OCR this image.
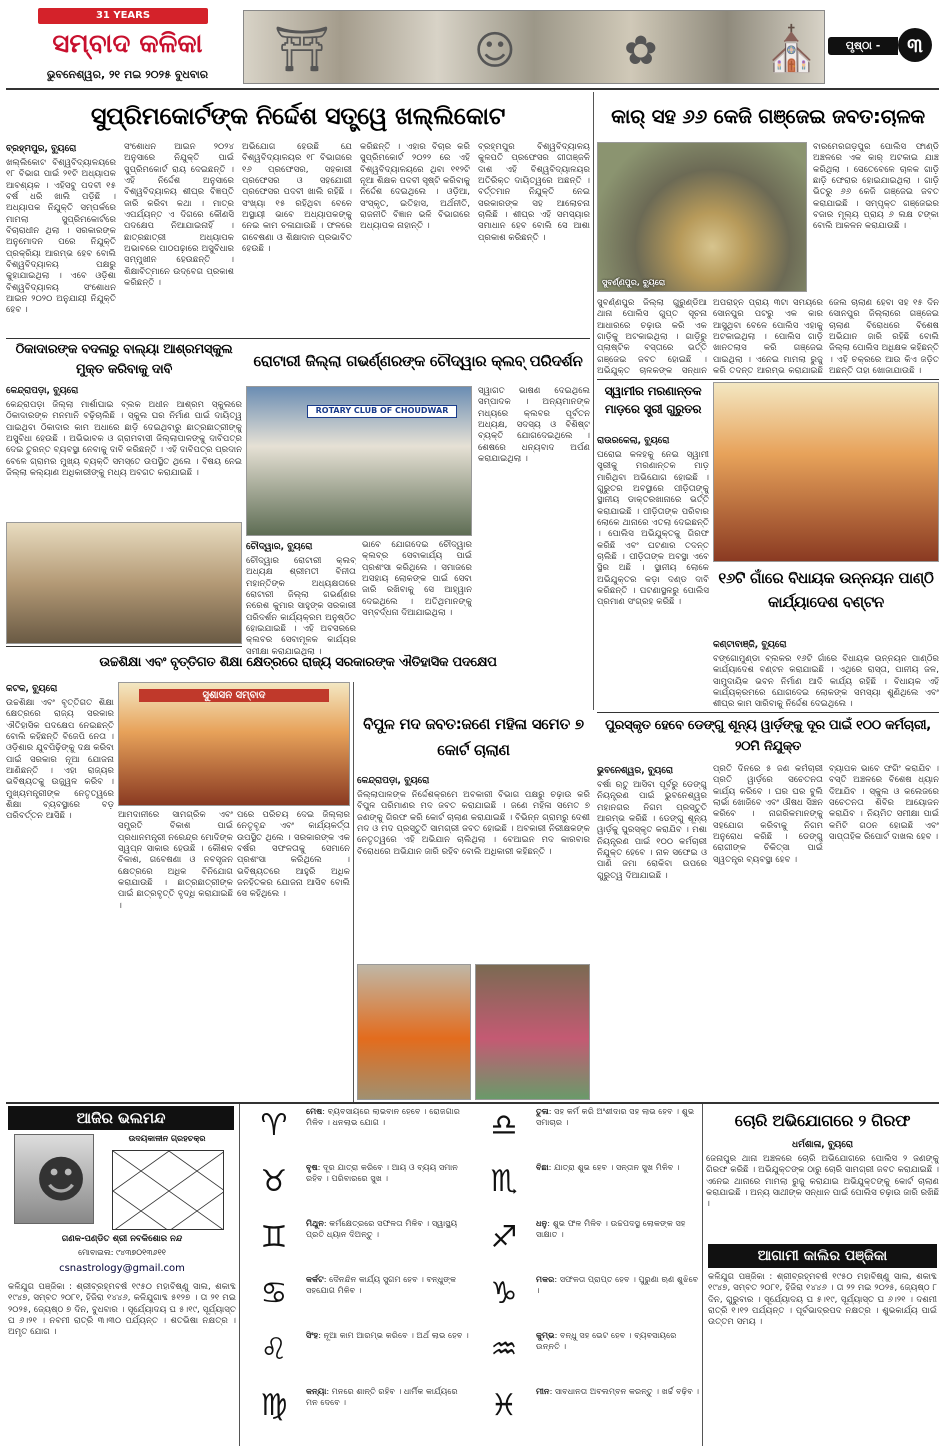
31 YEARS
ସମ୍ବାଦ କଳିକା
ଭୁବନେଶ୍ୱର, ୨୧ ମଇ ୨୦୨୫ ବୁଧବାର	⛩	☺	✿ ⛪	ପୃଷ୍ଠା -	୩
ସୁପ୍ରିମକୋର୍ଟଙ୍କ ନିର୍ଦ୍ଦେଶ ସତ୍ତ୍ୱେ ଖଲ୍ଲିକୋଟ
ବ୍ରହ୍ମପୁର, ବ୍ୟୁରୋ
ଖଲ୍ଲିକୋଟ ବିଶ୍ୱବିଦ୍ୟାଳୟରେ ୧୮ ବିଭାଗ ପାଇଁ ୨୧ଟି ଅଧ୍ୟାପକ ଆବଶ୍ୟକ । ଏହିସବୁ ପଦବୀ ୧୫ ବର୍ଷ ଧରି ଖାଲି ପଡ଼ିଛି । ଅଧ୍ୟାପକ ନିଯୁକ୍ତି ସମ୍ପର୍କରେ ମାମଲା ସୁପ୍ରିମକୋର୍ଟରେ ବିଚାରାଧୀନ ଥିଲା । ସରକାରଙ୍କ ଅନୁମୋଦନ ପରେ ନିଯୁକ୍ତି ପ୍ରକ୍ରିୟା ଆରମ୍ଭ ହେବ ବୋଲି ବିଶ୍ୱବିଦ୍ୟାଳୟ ପକ୍ଷରୁ କୁହାଯାଇଥିଲା । ଏବେ ଓଡ଼ିଶା ବିଶ୍ୱବିଦ୍ୟାଳୟ ସଂଶୋଧନ ଆଇନ ୨୦୨୦ ଅନୁଯାୟୀ ନିଯୁକ୍ତି ହେବ ।
ସଂଶୋଧନ ଆଇନ ୨୦୨୪ ଅନୁସାରେ ନିଯୁକ୍ତି ପାଇଁ ସୁପ୍ରିମକୋର୍ଟ ରାୟ ଦେଇଛନ୍ତି । ଏହି ନିର୍ଦ୍ଦେଶ ଅନୁସାରେ ବିଶ୍ୱବିଦ୍ୟାଳୟ ଶୀଘ୍ର ବିଜ୍ଞପ୍ତି ଜାରି କରିବା କଥା । ମାତ୍ର ଏପର୍ଯ୍ୟନ୍ତ ଏ ଦିଗରେ କୌଣସି ପଦକ୍ଷେପ ନିଆଯାଇନାହିଁ । ଛାତ୍ରଛାତ୍ରୀ ଅଧ୍ୟାପକ ଅଭାବରେ ପାଠପଢ଼ାରେ ଅସୁବିଧାର ସମ୍ମୁଖୀନ ହେଉଛନ୍ତି । ଶିକ୍ଷାବିତ୍‌ମାନେ ଉଦ୍‌ବେଗ ପ୍ରକାଶ କରିଛନ୍ତି ।
ଅଭିଯୋଗ ହେଉଛି ଯେ ବିଶ୍ୱବିଦ୍ୟାଳୟର ୧୮ ବିଭାଗରେ ୧୬ ପ୍ରଫେସର, ସହକାରୀ ପ୍ରଫେସର ଓ ସହଯୋଗୀ ପ୍ରଫେସର ପଦବୀ ଖାଲି ରହିଛି । ସଂଖ୍ୟା ୧୫ ରହିଥିବା ବେଳେ ଅସ୍ଥାୟୀ ଭାବେ ଅଧ୍ୟାପକଙ୍କୁ ନେଇ କାମ ଚଳାଯାଉଛି । ଫଳରେ ଗବେଷଣା ଓ ଶିକ୍ଷାଦାନ ପ୍ରଭାବିତ ହେଉଛି ।
କରିଛନ୍ତି । ଏହାର ବିଚାର କରି ସୁପ୍ରିମକୋର୍ଟ ୨୦୨୨ ରେ ଏହି ବିଶ୍ୱବିଦ୍ୟାଳୟରେ ଥିବା ୧୧୨ଟି ନୂଆ ଶିକ୍ଷକ ପଦବୀ ସୃଷ୍ଟି କରିବାକୁ ନିର୍ଦ୍ଦେଶ ଦେଇଥିଲେ । ଓଡ଼ିଆ, ସଂସ୍କୃତ, ଇତିହାସ, ଅର୍ଥନୀତି, ରାଜନୀତି ବିଜ୍ଞାନ ଭଳି ବିଭାଗରେ ଅଧ୍ୟାପକ ନାହାନ୍ତି ।
ବ୍ରହ୍ମପୁର ବିଶ୍ୱବିଦ୍ୟାଳୟ କୁଳପତି ପ୍ରଫେସର ଗୀତାଞ୍ଜଳି ଦାଶ ଏହି ବିଶ୍ୱବିଦ୍ୟାଳୟର ଅତିରିକ୍ତ ଦାୟିତ୍ୱରେ ଅଛନ୍ତି । ବର୍ତ୍ତମାନ ନିଯୁକ୍ତି ନେଇ ସରକାରଙ୍କ ସହ ଆଲୋଚନା ଚାଲିଛି । ଶୀଘ୍ର ଏହି ସମସ୍ୟାର ସମାଧାନ ହେବ ବୋଲି ସେ ଆଶା ପ୍ରକାଶ କରିଛନ୍ତି ।
କାର୍ ସହ ୬୬ କେଜି ଗଞ୍ଜେଇ ଜବତ:ଚାଳକ
ସୁବର୍ଣ୍ଣପୁର, ବ୍ୟୁରୋ
ବାରମେରଗଡ଼ପୁର ପୋଲିସ ଫାଣ୍ଡି ଅଞ୍ଚଳରେ ଏକ କାର୍ ଅଟକାଇ ଯାଞ୍ଚ କରିଥିଲା । ସେତେବେଳେ ଚାଳକ ଗାଡ଼ି ଛାଡ଼ି ଫେରାର ହୋଇଯାଇଥିଲା । ଗାଡ଼ି ଭିତରୁ ୬୬ କେଜି ଗଞ୍ଜେଇ ଜବତ କରାଯାଇଛି । ସମ୍ପୃକ୍ତ ଗଞ୍ଜେଇର ବଜାର ମୂଲ୍ୟ ପ୍ରାୟ ୬ ଲକ୍ଷ ଟଙ୍କା ବୋଲି ଆକଳନ କରାଯାଉଛି ।
ସୁବର୍ଣ୍ଣପୁର ଜିଲ୍ଲା ଗୁରୁଣ୍ଡିଆ ଥାନା ପୋଲିସ ଗୁପ୍ତ ସୂଚନା ଆଧାରରେ ଚଢ଼ାଉ କରି ଏକ ଗାଡ଼ିକୁ ଅଟକାଇଥିଲା । ଗାଡ଼ିରୁ ପ୍ଲାଷ୍ଟିକ ବସ୍ତାରେ ଭର୍ତ୍ତି ଗଞ୍ଜେଇ ଜବତ ହୋଇଛି । ଅଭିଯୁକ୍ତ ଚାଳକଙ୍କ ସନ୍ଧାନ
ଅପରାହ୍ନ ପ୍ରାୟ ୩ଟା ସମୟରେ ସୋନପୁର ପଟରୁ ଏକ କାର ଆସୁଥିବା ବେଳେ ପୋଲିସ ଏହାକୁ ଅଟକାଇଥିଲା । ପୋଲିସ ଗାଡ଼ି ଖାନତଲାସ କରି ଗଞ୍ଜେଇ ପାଇଥିଲା । ଏନେଇ ମାମଲା ରୁଜୁ କରି ତଦନ୍ତ ଆରମ୍ଭ କରାଯାଇଛି
ଜେଲ ଚାଲାଣ ହେବା ସହ ୧୫ ଦିନ ସୋନପୁର ଜିଲ୍ଲାରେ ଗଞ୍ଜେଇ ଚାଲାଣ ବିରୋଧରେ ବିଶେଷ ଅଭିଯାନ ଜାରି ରହିଛି ବୋଲି ଜିଲ୍ଲା ପୋଲିସ ଅଧିକ୍ଷକ କହିଛନ୍ତି । ଏହି ଚକ୍ରରେ ଆଉ କିଏ ଜଡ଼ିତ ଅଛନ୍ତି ତାହା ଖୋଜାଯାଉଛି ।
ଠିକାଦାରଙ୍କ ବଦଳାରୁ ବାଲ୍ୟା ଆଶ୍ରମସ୍କୁଲ ମୁକ୍ତ କରିବାକୁ ଦାବି
କେନ୍ଦ୍ରାପଡ଼ା, ବ୍ୟୁରୋ
କେନ୍ଦ୍ରାପଡ଼ା ଜିଲ୍ଲା ମାର୍ଶାଘାଇ ବ୍ଲକ ଅଧୀନ ଆଶ୍ରମ ସ୍କୁଲରେ ଠିକାଦାରଙ୍କ ମନମାନି ବଢ଼ିଚାଲିଛି । ସ୍କୁଲ ଘର ନିର୍ମାଣ ପାଇଁ ଦାୟିତ୍ୱ ପାଇଥିବା ଠିକାଦାର କାମ ଅଧାରେ ଛାଡ଼ି ଦେଇଥିବାରୁ ଛାତ୍ରଛାତ୍ରୀଙ୍କୁ ଅସୁବିଧା ହେଉଛି । ଅଭିଭାବକ ଓ ଗ୍ରାମବାସୀ ଜିଲ୍ଲାପାଳଙ୍କୁ ଦାବିପତ୍ର ଦେଇ ତୁରନ୍ତ ବ୍ୟବସ୍ଥା ନେବାକୁ ଦାବି କରିଛନ୍ତି । ଏହି ଦାବିପତ୍ର ପ୍ରଦାନ ବେଳେ ଗ୍ରାମର ମୁଖ୍ୟ ବ୍ୟକ୍ତି ସମସ୍ତେ ଉପସ୍ଥିତ ଥିଲେ । ବିଷୟ ନେଇ ଜିଲ୍ଲା କଲ୍ୟାଣ ଅଧିକାରୀଙ୍କୁ ମଧ୍ୟ ଅବଗତ କରାଯାଇଛି ।
ରୋଟାରୀ ଜିଲ୍ଲା ଗଭର୍ଣ୍ଣରଙ୍କ ଚୌଦ୍ୱାର କ୍ଲବ୍ ପରିଦର୍ଶନ
ROTARY CLUB OF CHOUDWAR
ଚୌଦ୍ୱାର, ବ୍ୟୁରୋ
ଚୌଦ୍ୱାର ରୋଟାରୀ କ୍ଲବ୍ ଅଧ୍ୟକ୍ଷ ଶ୍ରୀମତୀ ବିନୀତା ମହାନ୍ତିଙ୍କ ଅଧ୍ୟକ୍ଷତାରେ ରୋଟାରୀ ଜିଲ୍ଲା ଗଭର୍ଣ୍ଣର ନରେଶ କୁମାର ସାହୁଙ୍କ ସରକାରୀ ପରିଦର୍ଶନ କାର୍ଯ୍ୟକ୍ରମ ଅନୁଷ୍ଠିତ ହୋଇଯାଇଛି । ଏହି ଅବସରରେ କ୍ଲବର ସେବାମୂଳକ କାର୍ଯ୍ୟର ସମୀକ୍ଷା କରାଯାଇଥିଲା ।
ଭାବେ ଯୋଗଦେଇ ଚୌଦ୍ୱାର କ୍ଲବ୍‌ର ସେବାକାର୍ଯ୍ୟ ପାଇଁ ପ୍ରଶଂସା କରିଥିଲେ । ସମାଜରେ ଅସହାୟ ଲୋକଙ୍କ ପାଇଁ ସେବା ଜାରି ରଖିବାକୁ ସେ ଆହ୍ୱାନ ଦେଇଥିଲେ । ଅତିଥିମାନଙ୍କୁ ସମ୍ବର୍ଦ୍ଧନା ଦିଆଯାଇଥିଲା ।
ସ୍ୱାଗତ ଭାଷଣ ଦେଇଥିଲେ ସମ୍ପାଦକ । ଅନ୍ୟମାନଙ୍କ ମଧ୍ୟରେ କ୍ଲବର ପୂର୍ବତନ ଅଧ୍ୟକ୍ଷ, ସଦସ୍ୟ ଓ ବିଶିଷ୍ଟ ବ୍ୟକ୍ତି ଯୋଗଦେଇଥିଲେ । ଶେଷରେ ଧନ୍ୟବାଦ ଅର୍ପଣ କରାଯାଇଥିଲା ।
ସ୍ୱାମୀର ମରଣାନ୍ତକ ମାଡ଼ରେ ସ୍ତ୍ରୀ ଗୁରୁତର
ରାଉରକେଲା, ବ୍ୟୁରୋ
ଘରୋଇ କଳହକୁ ନେଇ ସ୍ୱାମୀ ସ୍ତ୍ରୀକୁ ମରଣାନ୍ତକ ମାଡ଼ ମାରିଥିବା ଅଭିଯୋଗ ହୋଇଛି । ଗୁରୁତର ଅବସ୍ଥାରେ ପୀଡ଼ିତାଙ୍କୁ ସ୍ଥାନୀୟ ଡାକ୍ତରଖାନାରେ ଭର୍ତ୍ତି କରାଯାଇଛି । ପୀଡ଼ିତାଙ୍କ ପରିବାର ଲୋକେ ଥାନାରେ ଏତଲା ଦେଇଛନ୍ତି । ପୋଲିସ ଅଭିଯୁକ୍ତକୁ ଗିରଫ କରିଛି ଏବଂ ଘଟଣାର ତଦନ୍ତ ଚାଲିଛି । ପୀଡ଼ିତାଙ୍କ ଅବସ୍ଥା ଏବେ ସ୍ଥିର ଅଛି । ସ୍ଥାନୀୟ ଲୋକେ ଅଭିଯୁକ୍ତର କଡ଼ା ଦଣ୍ଡ ଦାବି କରିଛନ୍ତି । ଘଟଣାସ୍ଥଳରୁ ପୋଲିସ ପ୍ରମାଣ ସଂଗ୍ରହ କରିଛି ।
୧୬ଟି ଗାଁରେ ବିଧାୟକ ଉନ୍ନୟନ ପାଣ୍ଠି କାର୍ଯ୍ୟାଦେଶ ବଣ୍ଟନ
କଣ୍ଟାବାଞ୍ଜି, ବ୍ୟୁରୋ
ବଙ୍ଗୋମୁଣ୍ଡା ବ୍ଲକର ୧୬ଟି ଗାଁରେ ବିଧାୟକ ଉନ୍ନୟନ ପାଣ୍ଠିର କାର୍ଯ୍ୟାଦେଶ ବଣ୍ଟନ କରାଯାଇଛି । ଏଥିରେ ରାସ୍ତା, ପାନୀୟ ଜଳ, ସାମୁଦାୟିକ ଭବନ ନିର୍ମାଣ ଆଦି କାର୍ଯ୍ୟ ରହିଛି । ବିଧାୟକ ଏହି କାର୍ଯ୍ୟକ୍ରମରେ ଯୋଗଦେଇ ଲୋକଙ୍କ ସମସ୍ୟା ଶୁଣିଥିଲେ ଏବଂ ଶୀଘ୍ର କାମ ସାରିବାକୁ ନିର୍ଦ୍ଦେଶ ଦେଇଥିଲେ ।
ଉଚ୍ଚଶିକ୍ଷା ଏବଂ ବୃତ୍ତିଗତ ଶିକ୍ଷା କ୍ଷେତ୍ରରେ ରାଜ୍ୟ ସରକାରଙ୍କ ଐତିହାସିକ ପଦକ୍ଷେପ
ସୁଶାସନ ସମ୍ବାଦ
କଟକ, ବ୍ୟୁରୋ
ଉଚ୍ଚଶିକ୍ଷା ଏବଂ ବୃତ୍ତିଗତ ଶିକ୍ଷା କ୍ଷେତ୍ରରେ ରାଜ୍ୟ ସରକାର ଐତିହାସିକ ପଦକ୍ଷେପ ନେଇଛନ୍ତି ବୋଲି କହିଛନ୍ତି ବିଜେପି ନେତା । ଓଡ଼ିଶାର ଯୁବପିଢ଼ିଙ୍କୁ ଦକ୍ଷ କରିବା ପାଇଁ ସରକାର ନୂଆ ଯୋଜନା ଆଣିଛନ୍ତି । ଏହା ରାଜ୍ୟର ଭବିଷ୍ୟତକୁ ଉଜ୍ଜ୍ୱଳ କରିବ । ମୁଖ୍ୟମନ୍ତ୍ରୀଙ୍କ ନେତୃତ୍ୱରେ ଶିକ୍ଷା ବ୍ୟବସ୍ଥାରେ ବଡ଼ ପରିବର୍ତ୍ତନ ଆସିଛି ।	ଆମଦାନୀରେ ସାମଗ୍ରିକ ଏବଂ ସମ୍ପ୍ରତି ବିକାଶ ପାଇଁ ପ୍ରଧାନମନ୍ତ୍ରୀ ନରେନ୍ଦ୍ର ମୋଦିଙ୍କ ସ୍ୱପ୍ନ ସାକାର ହେଉଛି । କୌଶଳ ବିକାଶ, ଗବେଷଣା ଓ ନବସୃଜନ କ୍ଷେତ୍ରରେ ଅଧିକ ବିନିଯୋଗ କରାଯାଉଛି । ଛାତ୍ରଛାତ୍ରୀଙ୍କ ପାଇଁ ଛାତ୍ରବୃତ୍ତି ବୃଦ୍ଧି କରାଯାଇଛି ।
ପରେ ପରିଚୟ ଦେଇ ଜିଲ୍ଲାର ନେତୃବୃନ୍ଦ ଏବଂ କାର୍ଯ୍ୟକର୍ତ୍ତା ଉପସ୍ଥିତ ଥିଲେ । ସରକାରଙ୍କ ଏକ ବର୍ଷର ସଫଳତାକୁ ସେମାନେ ପ୍ରଶଂସା କରିଥିଲେ । ଭବିଷ୍ୟତରେ ଆହୁରି ଅଧିକ ଜନହିତକର ଯୋଜନା ଆସିବ ବୋଲି ସେ କହିଥିଲେ ।
ବିପୁଳ ମଦ ଜବତ:ଜଣେ ମହିଳା ସମେତ ୭ କୋର୍ଟ ଚାଲାଣ
କେନ୍ଦ୍ରାପଡ଼ା, ବ୍ୟୁରୋ
ଜିଲ୍ଲାପାଳଙ୍କ ନିର୍ଦ୍ଦେଶକ୍ରମେ ଅବକାରୀ ବିଭାଗ ପକ୍ଷରୁ ଚଢ଼ାଉ କରି ବିପୁଳ ପରିମାଣର ମଦ ଜବତ କରାଯାଇଛି । ଜଣେ ମହିଳା ସମେତ ୭ ଜଣଙ୍କୁ ଗିରଫ କରି କୋର୍ଟ ଚାଲାଣ କରାଯାଇଛି । ବିଭିନ୍ନ ଗ୍ରାମରୁ ଦେଶୀ ମଦ ଓ ମଦ ପ୍ରସ୍ତୁତି ସାମଗ୍ରୀ ଜବତ ହୋଇଛି । ଅବକାରୀ ନିରୀକ୍ଷକଙ୍କ ନେତୃତ୍ୱରେ ଏହି ଅଭିଯାନ ଚାଲିଥିଲା । ବେଆଇନ ମଦ କାରବାର ବିରୋଧରେ ଅଭିଯାନ ଜାରି ରହିବ ବୋଲି ଅଧିକାରୀ କହିଛନ୍ତି ।
ପୁରସ୍କୃତ ହେବେ ଡେଙ୍ଗୁ ଶୂନ୍ୟ ୱାର୍ଡ଼ଙ୍କୁ ଦୂର ପାଇଁ ୧୦୦ କର୍ମଚାରୀ, ୨୦ମି ନିଯୁକ୍ତ
ଭୁବନେଶ୍ୱର, ବ୍ୟୁରୋ
ବର୍ଷା ଋତୁ ଆସିବା ପୂର୍ବରୁ ଡେଙ୍ଗୁ ନିୟନ୍ତ୍ରଣ ପାଇଁ ଭୁବନେଶ୍ୱର ମହାନଗର ନିଗମ ପ୍ରସ୍ତୁତି ଆରମ୍ଭ କରିଛି । ଡେଙ୍ଗୁ ଶୂନ୍ୟ ୱାର୍ଡ଼କୁ ପୁରସ୍କୃତ କରାଯିବ । ମଶା ନିୟନ୍ତ୍ରଣ ପାଇଁ ୧୦୦ କର୍ମଚାରୀ ନିଯୁକ୍ତ ହେବେ । ନାଳ ସଫେଇ ଓ ପାଣି ଜମା ରୋକିବା ଉପରେ ଗୁରୁତ୍ୱ ଦିଆଯାଇଛି ।
ପ୍ରତି ଦିନରେ ୫ ଜଣ କର୍ମଚାରୀ ପ୍ରତି ୱାର୍ଡ଼ରେ ସଚେତନତା କାର୍ଯ୍ୟ କରିବେ । ଘର ଘର ବୁଲି ଲାର୍ଭା ଖୋଜିବେ ଏବଂ ଔଷଧ ସିଞ୍ଚନ କରିବେ । ନାଗରିକମାନଙ୍କୁ ସହଯୋଗ କରିବାକୁ ନିଗମ ଅନୁରୋଧ କରିଛି । ଡେଙ୍ଗୁ ରୋଗୀଙ୍କ ଚିକିତ୍ସା ପାଇଁ ସ୍ୱତନ୍ତ୍ର ବ୍ୟବସ୍ଥା ହେବ ।
ବ୍ୟାପକ ଭାବେ ଫଗିଂ କରାଯିବ । ବସ୍ତି ଅଞ୍ଚଳରେ ବିଶେଷ ଧ୍ୟାନ ଦିଆଯିବ । ସ୍କୁଲ ଓ କଲେଜରେ ସଚେତନତା ଶିବିର ଆୟୋଜନ କରାଯିବ । ନିୟମିତ ସମୀକ୍ଷା ପାଇଁ କମିଟି ଗଠନ ହୋଇଛି ଏବଂ ସାପ୍ତାହିକ ରିପୋର୍ଟ ଦାଖଲ ହେବ ।
ଆଜିର ଭଲମନ୍ଦ
ଉଦୟକାଳୀନ ଗ୍ରହଚକ୍ର
☻
ଗଣକ-ପଣ୍ଡିତ ଶ୍ରୀ ନବକିଶୋର ନନ୍ଦ
ମୋବାଇଲ: ୯୪୩୭୦୧୩୬୧୧
csnastrology@gmail.com
କଳିଯୁଗ ପଞ୍ଜିକା : ଶ୍ରୀବ୍ରହ୍ମବର୍ଷ ୧୯୫୦ ମହାବିଷ୍ଣୁ ସାଲ, ଶକାବ୍ଦ ୧୯୪୭, ସମ୍ବତ ୨୦୮୧, ହିଜିରା ୧୪୪୬, କଳିଯୁଗାବ୍ଦ ୫୧୨୭ । ତା ୨୧ ମଇ ୨୦୨୫, ଜ୍ୟେଷ୍ଠ ୭ ଦିନ, ବୁଧବାର । ସୂର୍ଯ୍ୟୋଦୟ ଘ ୫।୧୯, ସୂର୍ଯ୍ୟାସ୍ତ ଘ ୬।୨୧ । ନବମୀ ରାତ୍ରି ୩।୩୦ ପର୍ଯ୍ୟନ୍ତ । ଶତଭିଷା ନକ୍ଷତ୍ର । ଅମୃତ ଯୋଗ ।
♈
♉
♊
♋
♌
♍
♎
♏
♐
♑
♒
♓
ମେଷ: ବ୍ୟବସାୟରେ ଲାଭବାନ ହେବେ । ରୋଜଗାର ମିଳିବ । ଧନଲାଭ ଯୋଗ ।
ବୃଷ: ଦୂର ଯାତ୍ରା କରିବେ । ଆୟ ଓ ବ୍ୟୟ ସମାନ ରହିବ । ପରିବାରରେ ସୁଖ ।
ମିଥୁନ: କର୍ମକ୍ଷେତ୍ରରେ ସଫଳତା ମିଳିବ । ସ୍ୱାସ୍ଥ୍ୟ ପ୍ରତି ଧ୍ୟାନ ଦିଅନ୍ତୁ ।
କର୍କଟ: ଦୈନନ୍ଦିନ କାର୍ଯ୍ୟ ସୁଗମ ହେବ । ବନ୍ଧୁଙ୍କ ସହଯୋଗ ମିଳିବ ।
ସିଂହ: ନୂଆ କାମ ଆରମ୍ଭ କରିବେ । ଅର୍ଥ ଲାଭ ହେବ ।
କନ୍ୟା: ମନରେ ଶାନ୍ତି ରହିବ । ଧାର୍ମିକ କାର୍ଯ୍ୟରେ ମନ ଦେବେ ।
ତୁଳା: ସହ କର୍ମ କରି ଅଂଶୀଦାର ସହ ଲାଭ ହେବ । ଶୁଭ ସମାଚାର ।
ବିଛା: ଯାତ୍ରା ଶୁଭ ହେବ । ସନ୍ତାନ ସୁଖ ମିଳିବ ।
ଧନୁ: ଶୁଭ ଫଳ ମିଳିବ । ଉଚ୍ଚପଦସ୍ଥ ଲୋକଙ୍କ ସହ ସାକ୍ଷାତ ।
ମକର: ସଫଳତା ପ୍ରାପ୍ତ ହେବ । ପୁରୁଣା ଋଣ ଶୁଝିବେ ।
କୁମ୍ଭ: ବନ୍ଧୁ ସହ ଭେଟ ହେବ । ବ୍ୟବସାୟରେ ଉନ୍ନତି ।
ମୀନ: ସାବଧାନତା ଅବଲମ୍ବନ କରନ୍ତୁ । ଖର୍ଚ୍ଚ ବଢ଼ିବ ।
ଚୋରି ଅଭିଯୋଗରେ ୨ ଗିରଫ
ଧର୍ମଶାଳା, ବ୍ୟୁରୋ
ଜେନାପୁର ଥାନା ଅଞ୍ଚଳରେ ଚୋରି ଅଭିଯୋଗରେ ପୋଲିସ ୨ ଜଣଙ୍କୁ ଗିରଫ କରିଛି । ଅଭିଯୁକ୍ତଙ୍କ ଠାରୁ ଚୋରି ସାମଗ୍ରୀ ଜବତ କରାଯାଇଛି । ଏନେଇ ଥାନାରେ ମାମଲା ରୁଜୁ କରାଯାଇ ଅଭିଯୁକ୍ତଙ୍କୁ କୋର୍ଟ ଚାଲାଣ କରାଯାଇଛି । ଅନ୍ୟ ସାଥୀଙ୍କ ସନ୍ଧାନ ପାଇଁ ପୋଲିସ ଚଢ଼ାଉ ଜାରି ରଖିଛି ।
ଆଗାମୀ କାଲିର ପଞ୍ଜିକା
କଳିଯୁଗ ପଞ୍ଜିକା : ଶ୍ରୀବ୍ରହ୍ମବର୍ଷ ୧୯୫୦ ମହାବିଷ୍ଣୁ ସାଲ, ଶକାବ୍ଦ ୧୯୪୭, ସମ୍ବତ ୨୦୮୧, ହିଜିରା ୧୪୪୬ । ତା ୨୨ ମଇ ୨୦୨୫, ଜ୍ୟେଷ୍ଠ ୮ ଦିନ, ଗୁରୁବାର । ସୂର୍ଯ୍ୟୋଦୟ ଘ ୫।୧୯, ସୂର୍ଯ୍ୟାସ୍ତ ଘ ୬।୨୧ । ଦଶମୀ ରାତ୍ରି ୧।୧୨ ପର୍ଯ୍ୟନ୍ତ । ପୂର୍ବଭାଦ୍ରପଦ ନକ୍ଷତ୍ର । ଶୁଭକାର୍ଯ୍ୟ ପାଇଁ ଉତ୍ତମ ସମୟ ।
